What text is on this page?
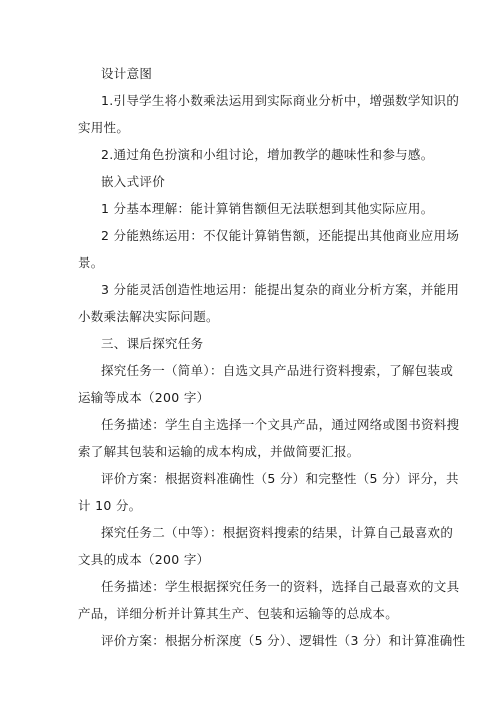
设计意图
1.引导学生将小数乘法运用到实际商业分析中，增强数学知识的
实用性。
2.通过角色扮演和小组讨论，增加教学的趣味性和参与感。
嵌入式评价
1 分基本理解：能计算销售额但无法联想到其他实际应用。
2 分能熟练运用：不仅能计算销售额，还能提出其他商业应用场
景。
3 分能灵活创造性地运用：能提出复杂的商业分析方案，并能用
小数乘法解决实际问题。
三、课后探究任务
探究任务一（简单）：自选文具产品进行资料搜索，了解包装或
运输等成本（200 字）
任务描述：学生自主选择一个文具产品，通过网络或图书资料搜
索了解其包装和运输的成本构成，并做简要汇报。
评价方案：根据资料准确性（5 分）和完整性（5 分）评分，共
计 10 分。
探究任务二（中等）：根据资料搜索的结果，计算自己最喜欢的
文具的成本（200 字）
任务描述：学生根据探究任务一的资料，选择自己最喜欢的文具
产品，详细分析并计算其生产、包装和运输等的总成本。
评价方案：根据分析深度（5 分）、逻辑性（3 分）和计算准确性
